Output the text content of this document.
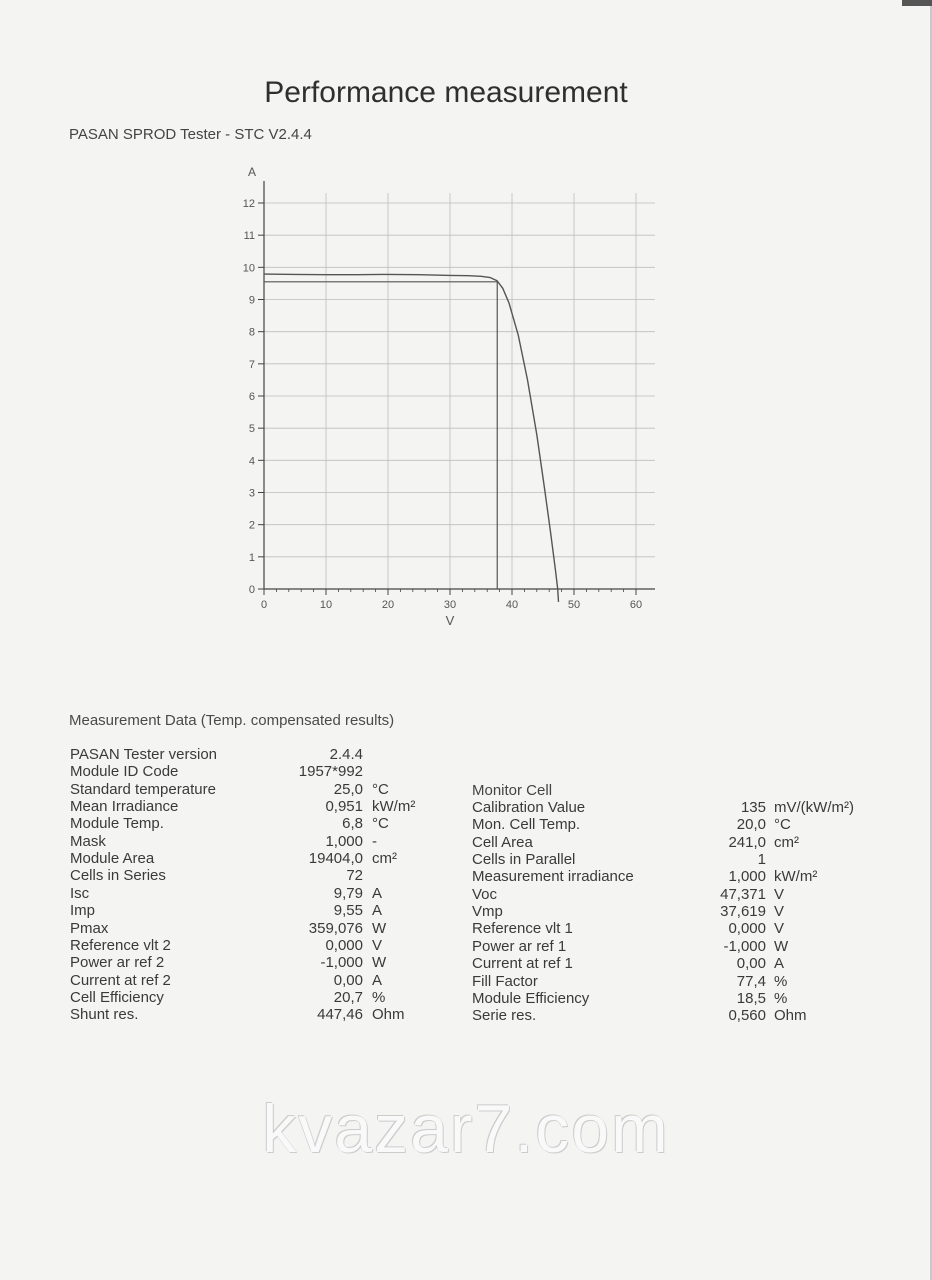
Performance measurement
PASAN SPROD Tester - STC V2.4.4
0
1
2
3
4
5
6
7
8
9
10
11
12
0	10	20	30	40	50	60
A
V
Measurement Data (Temp. compensated results)
Monitor Cell
PASAN Tester version	2.4.4
Module ID Code	1957*992
Standard temperature	25,0 °C
Mean Irradiance	0,951 kW/m²
Module Temp.	6,8 °C
Mask	1,000 -
Module Area	19404,0 cm²
Cells in Series	72
Isc	9,79 A
Imp	9,55 A
Pmax	359,076 W
Reference vlt 2	0,000 V
Power ar ref 2	-1,000 W
Current at ref 2	0,00 A
Cell Efficiency	20,7 %
Shunt res.	447,46 Ohm
Calibration Value	135 mV/(kW/m²)
Mon. Cell Temp.	20,0 °C
Cell Area	241,0 cm²
Cells in Parallel	1
Measurement irradiance	1,000 kW/m²
Voc	47,371 V
Vmp	37,619 V
Reference vlt 1	0,000 V
Power ar ref 1	-1,000 W
Current at ref 1	0,00 A
Fill Factor	77,4 %
Module Efficiency	18,5 %
Serie res.	0,560 Ohm
kvazar7.com
